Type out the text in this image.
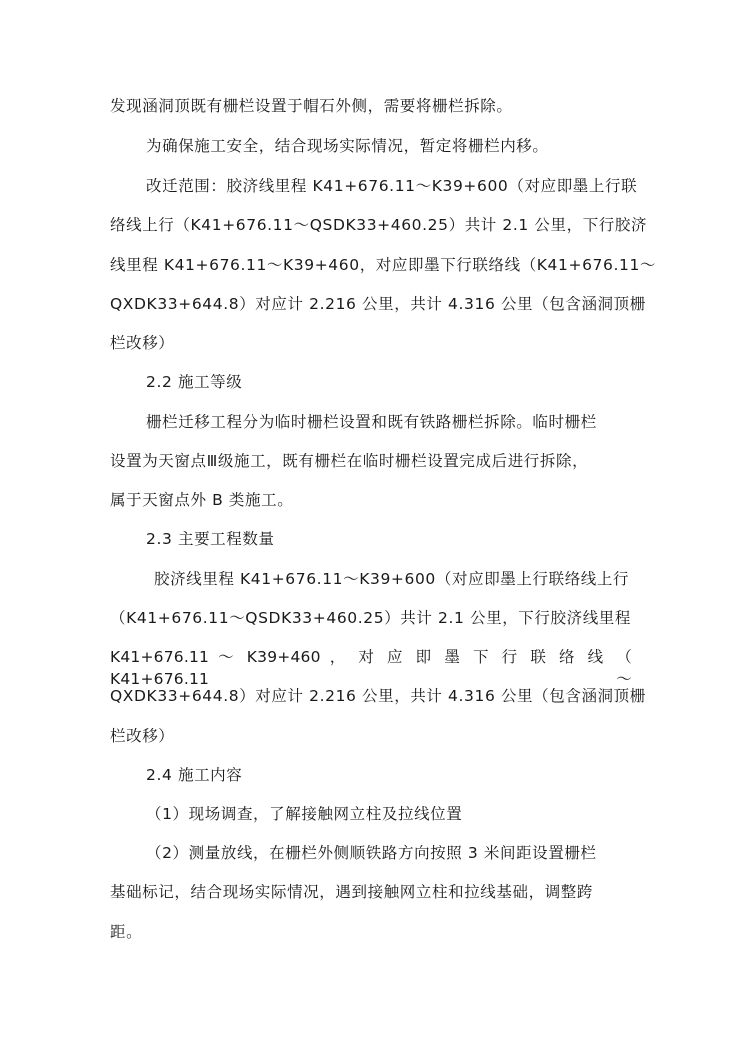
发现涵洞顶既有栅栏设置于帽石外侧，需要将栅栏拆除。
为确保施工安全，结合现场实际情况，暂定将栅栏内移。
改迁范围：胶济线里程 K41+676.11～K39+600（对应即墨上行联
络线上行（K41+676.11～QSDK33+460.25）共计 2.1 公里，下行胶济
线里程 K41+676.11～K39+460，对应即墨下行联络线（K41+676.11～
QXDK33+644.8）对应计 2.216 公里，共计 4.316 公里（包含涵洞顶栅
栏改移）
2.2 施工等级
栅栏迁移工程分为临时栅栏设置和既有铁路栅栏拆除。临时栅栏
设置为天窗点Ⅲ级施工，既有栅栏在临时栅栏设置完成后进行拆除，
属于天窗点外 B 类施工。
2.3 主要工程数量
胶济线里程 K41+676.11～K39+600（对应即墨上行联络线上行
（K41+676.11～QSDK33+460.25）共计 2.1 公里，下行胶济线里程
K41+676.11 ～ K39+460 ， 对 应 即 墨 下 行 联 络 线 （ K41+676.11 ～
QXDK33+644.8）对应计 2.216 公里，共计 4.316 公里（包含涵洞顶栅
栏改移）
2.4 施工内容
（1）现场调查，了解接触网立柱及拉线位置
（2）测量放线，在栅栏外侧顺铁路方向按照 3 米间距设置栅栏
基础标记，结合现场实际情况，遇到接触网立柱和拉线基础，调整跨
距。
